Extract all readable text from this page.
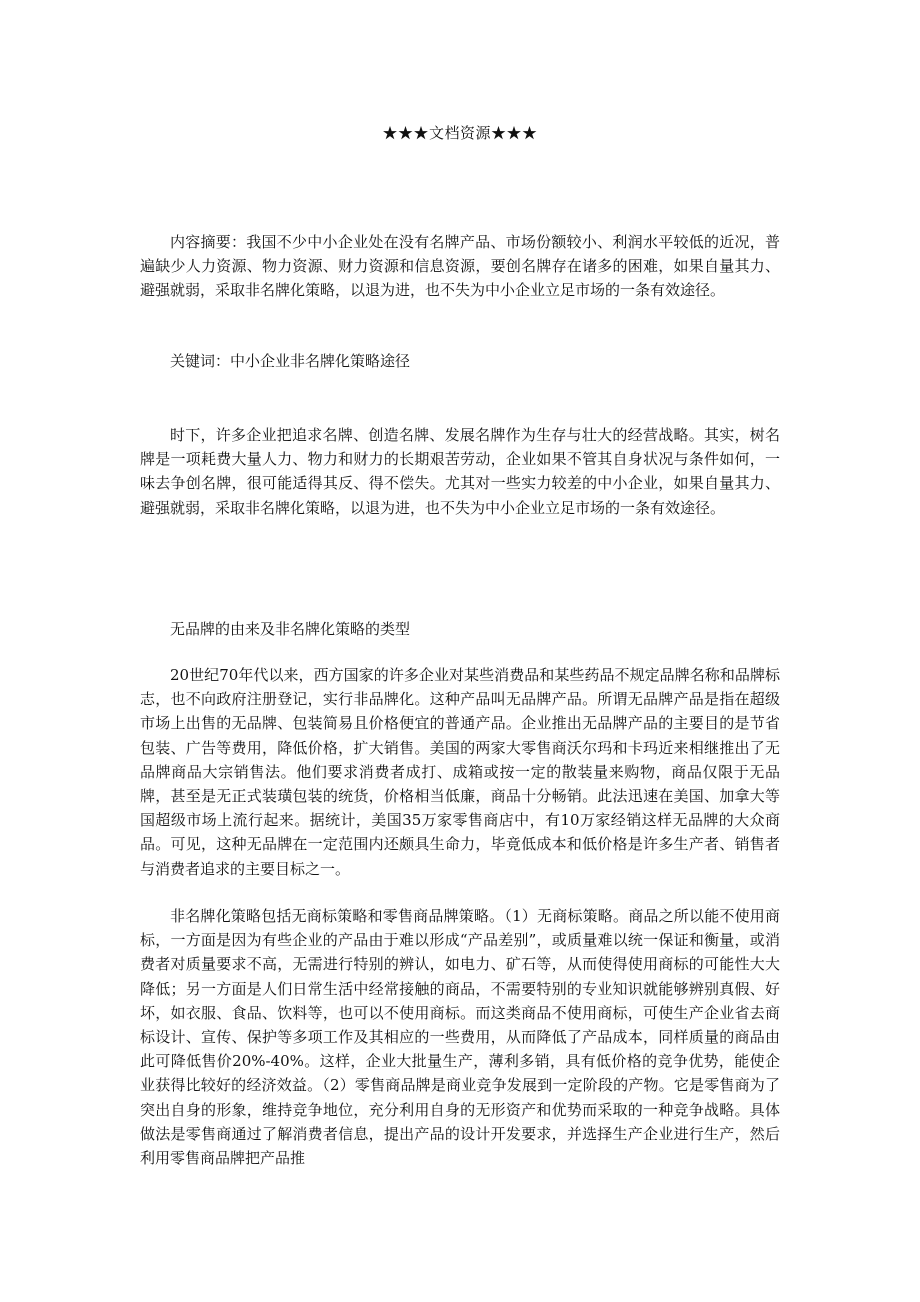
★★★文档资源★★★

内容摘要：我国不少中小企业处在没有名牌产品、市场份额较小、利润水平较低的近况，普遍缺少人力资源、物力资源、财力资源和信息资源，要创名牌存在诸多的困难，如果自量其力、避强就弱，采取非名牌化策略，以退为进，也不失为中小企业立足市场的一条有效途径。

关键词：中小企业非名牌化策略途径

时下，许多企业把追求名牌、创造名牌、发展名牌作为生存与壮大的经营战略。其实，树名牌是一项耗费大量人力、物力和财力的长期艰苦劳动，企业如果不管其自身状况与条件如何，一味去争创名牌，很可能适得其反、得不偿失。尤其对一些实力较差的中小企业，如果自量其力、避强就弱，采取非名牌化策略，以退为进，也不失为中小企业立足市场的一条有效途径。

无品牌的由来及非名牌化策略的类型

20世纪70年代以来，西方国家的许多企业对某些消费品和某些药品不规定品牌名称和品牌标志，也不向政府注册登记，实行非品牌化。这种产品叫无品牌产品。所谓无品牌产品是指在超级市场上出售的无品牌、包装简易且价格便宜的普通产品。企业推出无品牌产品的主要目的是节省包装、广告等费用，降低价格，扩大销售。美国的两家大零售商沃尔玛和卡玛近来相继推出了无品牌商品大宗销售法。他们要求消费者成打、成箱或按一定的散装量来购物，商品仅限于无品牌，甚至是无正式装璜包装的统货，价格相当低廉，商品十分畅销。此法迅速在美国、加拿大等国超级市场上流行起来。据统计，美国35万家零售商店中，有10万家经销这样无品牌的大众商品。可见，这种无品牌在一定范围内还颇具生命力，毕竟低成本和低价格是许多生产者、销售者与消费者追求的主要目标之一。

非名牌化策略包括无商标策略和零售商品牌策略。（1）无商标策略。商品之所以能不使用商标，一方面是因为有些企业的产品由于难以形成“产品差别”，或质量难以统一保证和衡量，或消费者对质量要求不高，无需进行特别的辨认，如电力、矿石等，从而使得使用商标的可能性大大降低；另一方面是人们日常生活中经常接触的商品，不需要特别的专业知识就能够辨别真假、好坏，如衣服、食品、饮料等，也可以不使用商标。而这类商品不使用商标，可使生产企业省去商标设计、宣传、保护等多项工作及其相应的一些费用，从而降低了产品成本，同样质量的商品由此可降低售价20%-40%。这样，企业大批量生产，薄利多销，具有低价格的竞争优势，能使企业获得比较好的经济效益。（2）零售商品牌是商业竞争发展到一定阶段的产物。它是零售商为了突出自身的形象，维持竞争地位，充分利用自身的无形资产和优势而采取的一种竞争战略。具体做法是零售商通过了解消费者信息，提出产品的设计开发要求，并选择生产企业进行生产，然后利用零售商品牌把产品推
